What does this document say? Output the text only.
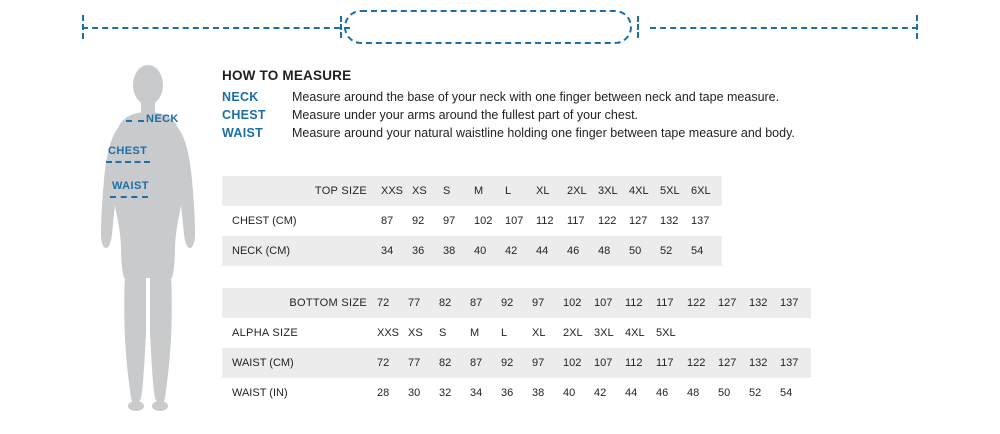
NECK
CHEST
WAIST
HOW TO MEASURE
NECK	Measure around the base of your neck with one finger between neck and tape measure.
CHEST	Measure under your arms around the fullest part of your chest.
WAIST	Measure around your natural waistline holding one finger between tape measure and body.
TOP SIZE	XXS	XS	S	M	L	XL	2XL	3XL	4XL	5XL	6XL
CHEST (CM)	87	92	97	102	107	112	117	122	127	132	137
NECK (CM)	34	36	38	40	42	44	46	48	50	52	54
BOTTOM SIZE	72	77	82	87	92	97	102	107	112	117	122	127	132	137
ALPHA SIZE	XXS	XS	S	M	L	XL	2XL	3XL	4XL	5XL				
WAIST (CM)	72	77	82	87	92	97	102	107	112	117	122	127	132	137
WAIST (IN)	28	30	32	34	36	38	40	42	44	46	48	50	52	54
